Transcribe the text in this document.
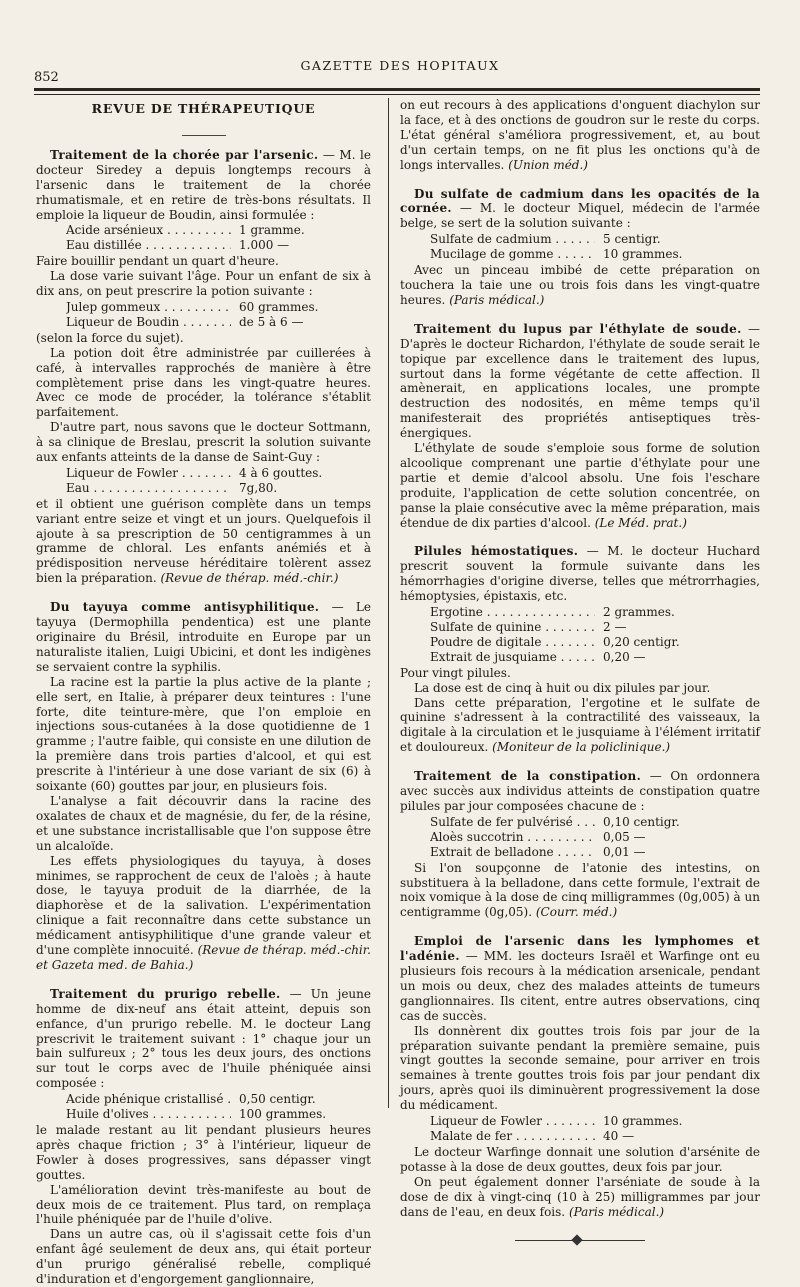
852
GAZETTE DES HOPITAUX
REVUE DE THÉRAPEUTIQUE

Traitement de la chorée par l'arsenic. — M. le docteur Siredey a depuis longtemps recours à l'arsenic dans le traitement de la chorée rhumatismale, et en retire de très-bons résultats. Il emploie la liqueur de Boudin, ainsi formulée :

Acide arsénieux . . .	1 gramme.
Eau distillée . . .	1.000 —

Faire bouillir pendant un quart d'heure.

La dose varie suivant l'âge. Pour un enfant de six à dix ans, on peut prescrire la potion suivante :

Julep gommeux . . .	60 grammes.
Liqueur de Boudin . . .	de 5 à 6 —

(selon la force du sujet).

La potion doit être administrée par cuillerées à café, à intervalles rapprochés de manière à être complètement prise dans les vingt-quatre heures. Avec ce mode de procéder, la tolérance s'établit parfaitement.

D'autre part, nous savons que le docteur Sottmann, à sa clinique de Breslau, prescrit la solution suivante aux enfants atteints de la danse de Saint-Guy :

Liqueur de Fowler . . .	4 à 6 gouttes.
Eau . . .	7g,80.

et il obtient une guérison complète dans un temps variant entre seize et vingt et un jours. Quelquefois il ajoute à sa prescription de 50 centigrammes à un gramme de chloral. Les enfants anémiés et à prédisposition nerveuse héréditaire tolèrent assez bien la préparation. (Revue de thérap. méd.-chir.)

Du tayuya comme antisyphilitique. — Le tayuya (Dermophilla pendentica) est une plante originaire du Brésil, introduite en Europe par un naturaliste italien, Luigi Ubicini, et dont les indigènes se servaient contre la syphilis.

La racine est la partie la plus active de la plante ; elle sert, en Italie, à préparer deux teintures : l'une forte, dite teinture-mère, que l'on emploie en injections sous-cutanées à la dose quotidienne de 1 gramme ; l'autre faible, qui consiste en une dilution de la première dans trois parties d'alcool, et qui est prescrite à l'intérieur à une dose variant de six (6) à soixante (60) gouttes par jour, en plusieurs fois.

L'analyse a fait découvrir dans la racine des oxalates de chaux et de magnésie, du fer, de la résine, et une substance incristallisable que l'on suppose être un alcaloïde.

Les effets physiologiques du tayuya, à doses minimes, se rapprochent de ceux de l'aloès ; à haute dose, le tayuya produit de la diarrhée, de la diaphorèse et de la salivation. L'expérimentation clinique a fait reconnaître dans cette substance un médicament antisyphilitique d'une grande valeur et d'une complète innocuité. (Revue de thérap. méd.-chir. et Gazeta med. de Bahia.)

Traitement du prurigo rebelle. — Un jeune homme de dix-neuf ans était atteint, depuis son enfance, d'un prurigo rebelle. M. le docteur Lang prescrivit le traitement suivant : 1° chaque jour un bain sulfureux ; 2° tous les deux jours, des onctions sur tout le corps avec de l'huile phéniquée ainsi composée :

Acide phénique cristallisé . . .	0,50 centigr.
Huile d'olives . . .	100 grammes.

le malade restant au lit pendant plusieurs heures après chaque friction ; 3° à l'intérieur, liqueur de Fowler à doses progressives, sans dépasser vingt gouttes.

L'amélioration devint très-manifeste au bout de deux mois de ce traitement. Plus tard, on remplaça l'huile phéniquée par de l'huile d'olive.

Dans un autre cas, où il s'agissait cette fois d'un enfant âgé seulement de deux ans, qui était porteur d'un prurigo généralisé rebelle, compliqué d'induration et d'engorgement ganglionnaire,

on eut recours à des applications d'onguent diachylon sur la face, et à des onctions de goudron sur le reste du corps. L'état général s'améliora progressivement, et, au bout d'un certain temps, on ne fit plus les onctions qu'à de longs intervalles. (Union méd.)

Du sulfate de cadmium dans les opacités de la cornée. — M. le docteur Miquel, médecin de l'armée belge, se sert de la solution suivante :

Sulfate de cadmium . . .	5 centigr.
Mucilage de gomme . . .	10 grammes.

Avec un pinceau imbibé de cette préparation on touchera la taie une ou trois fois dans les vingt-quatre heures. (Paris médical.)

Traitement du lupus par l'éthylate de soude. — D'après le docteur Richardon, l'éthylate de soude serait le topique par excellence dans le traitement des lupus, surtout dans la forme végétante de cette affection. Il amènerait, en applications locales, une prompte destruction des nodosités, en même temps qu'il manifesterait des propriétés antiseptiques très-énergiques.

L'éthylate de soude s'emploie sous forme de solution alcoolique comprenant une partie d'éthylate pour une partie et demie d'alcool absolu. Une fois l'eschare produite, l'application de cette solution concentrée, on panse la plaie consécutive avec la même préparation, mais étendue de dix parties d'alcool. (Le Méd. prat.)

Pilules hémostatiques. — M. le docteur Huchard prescrit souvent la formule suivante dans les hémorrhagies d'origine diverse, telles que métrorrhagies, hémoptysies, épistaxis, etc.

Ergotine . . .	2 grammes.
Sulfate de quinine . . .	2 —
Poudre de digitale . . .	0,20 centigr.
Extrait de jusquiame . . .	0,20 —

Pour vingt pilules.

La dose est de cinq à huit ou dix pilules par jour.

Dans cette préparation, l'ergotine et le sulfate de quinine s'adressent à la contractilité des vaisseaux, la digitale à la circulation et le jusquiame à l'élément irritatif et douloureux. (Moniteur de la policlinique.)

Traitement de la constipation. — On ordonnera avec succès aux individus atteints de constipation quatre pilules par jour composées chacune de :

Sulfate de fer pulvérisé . . .	0,10 centigr.
Aloès succotrin . . .	0,05 —
Extrait de belladone . . .	0,01 —

Si l'on soupçonne de l'atonie des intestins, on substituera à la belladone, dans cette formule, l'extrait de noix vomique à la dose de cinq milligrammes (0g,005) à un centigramme (0g,05). (Courr. méd.)

Emploi de l'arsenic dans les lymphomes et l'adénie. — MM. les docteurs Israël et Warfinge ont eu plusieurs fois recours à la médication arsenicale, pendant un mois ou deux, chez des malades atteints de tumeurs ganglionnaires. Ils citent, entre autres observations, cinq cas de succès.

Ils donnèrent dix gouttes trois fois par jour de la préparation suivante pendant la première semaine, puis vingt gouttes la seconde semaine, pour arriver en trois semaines à trente gouttes trois fois par jour pendant dix jours, après quoi ils diminuèrent progressivement la dose du médicament.

Liqueur de Fowler . . .	10 grammes.
Malate de fer . . .	40 —

Le docteur Warfinge donnait une solution d'arsénite de potasse à la dose de deux gouttes, deux fois par jour.

On peut également donner l'arséniate de soude à la dose de dix à vingt-cinq (10 à 25) milligrammes par jour dans de l'eau, en deux fois. (Paris médical.)
